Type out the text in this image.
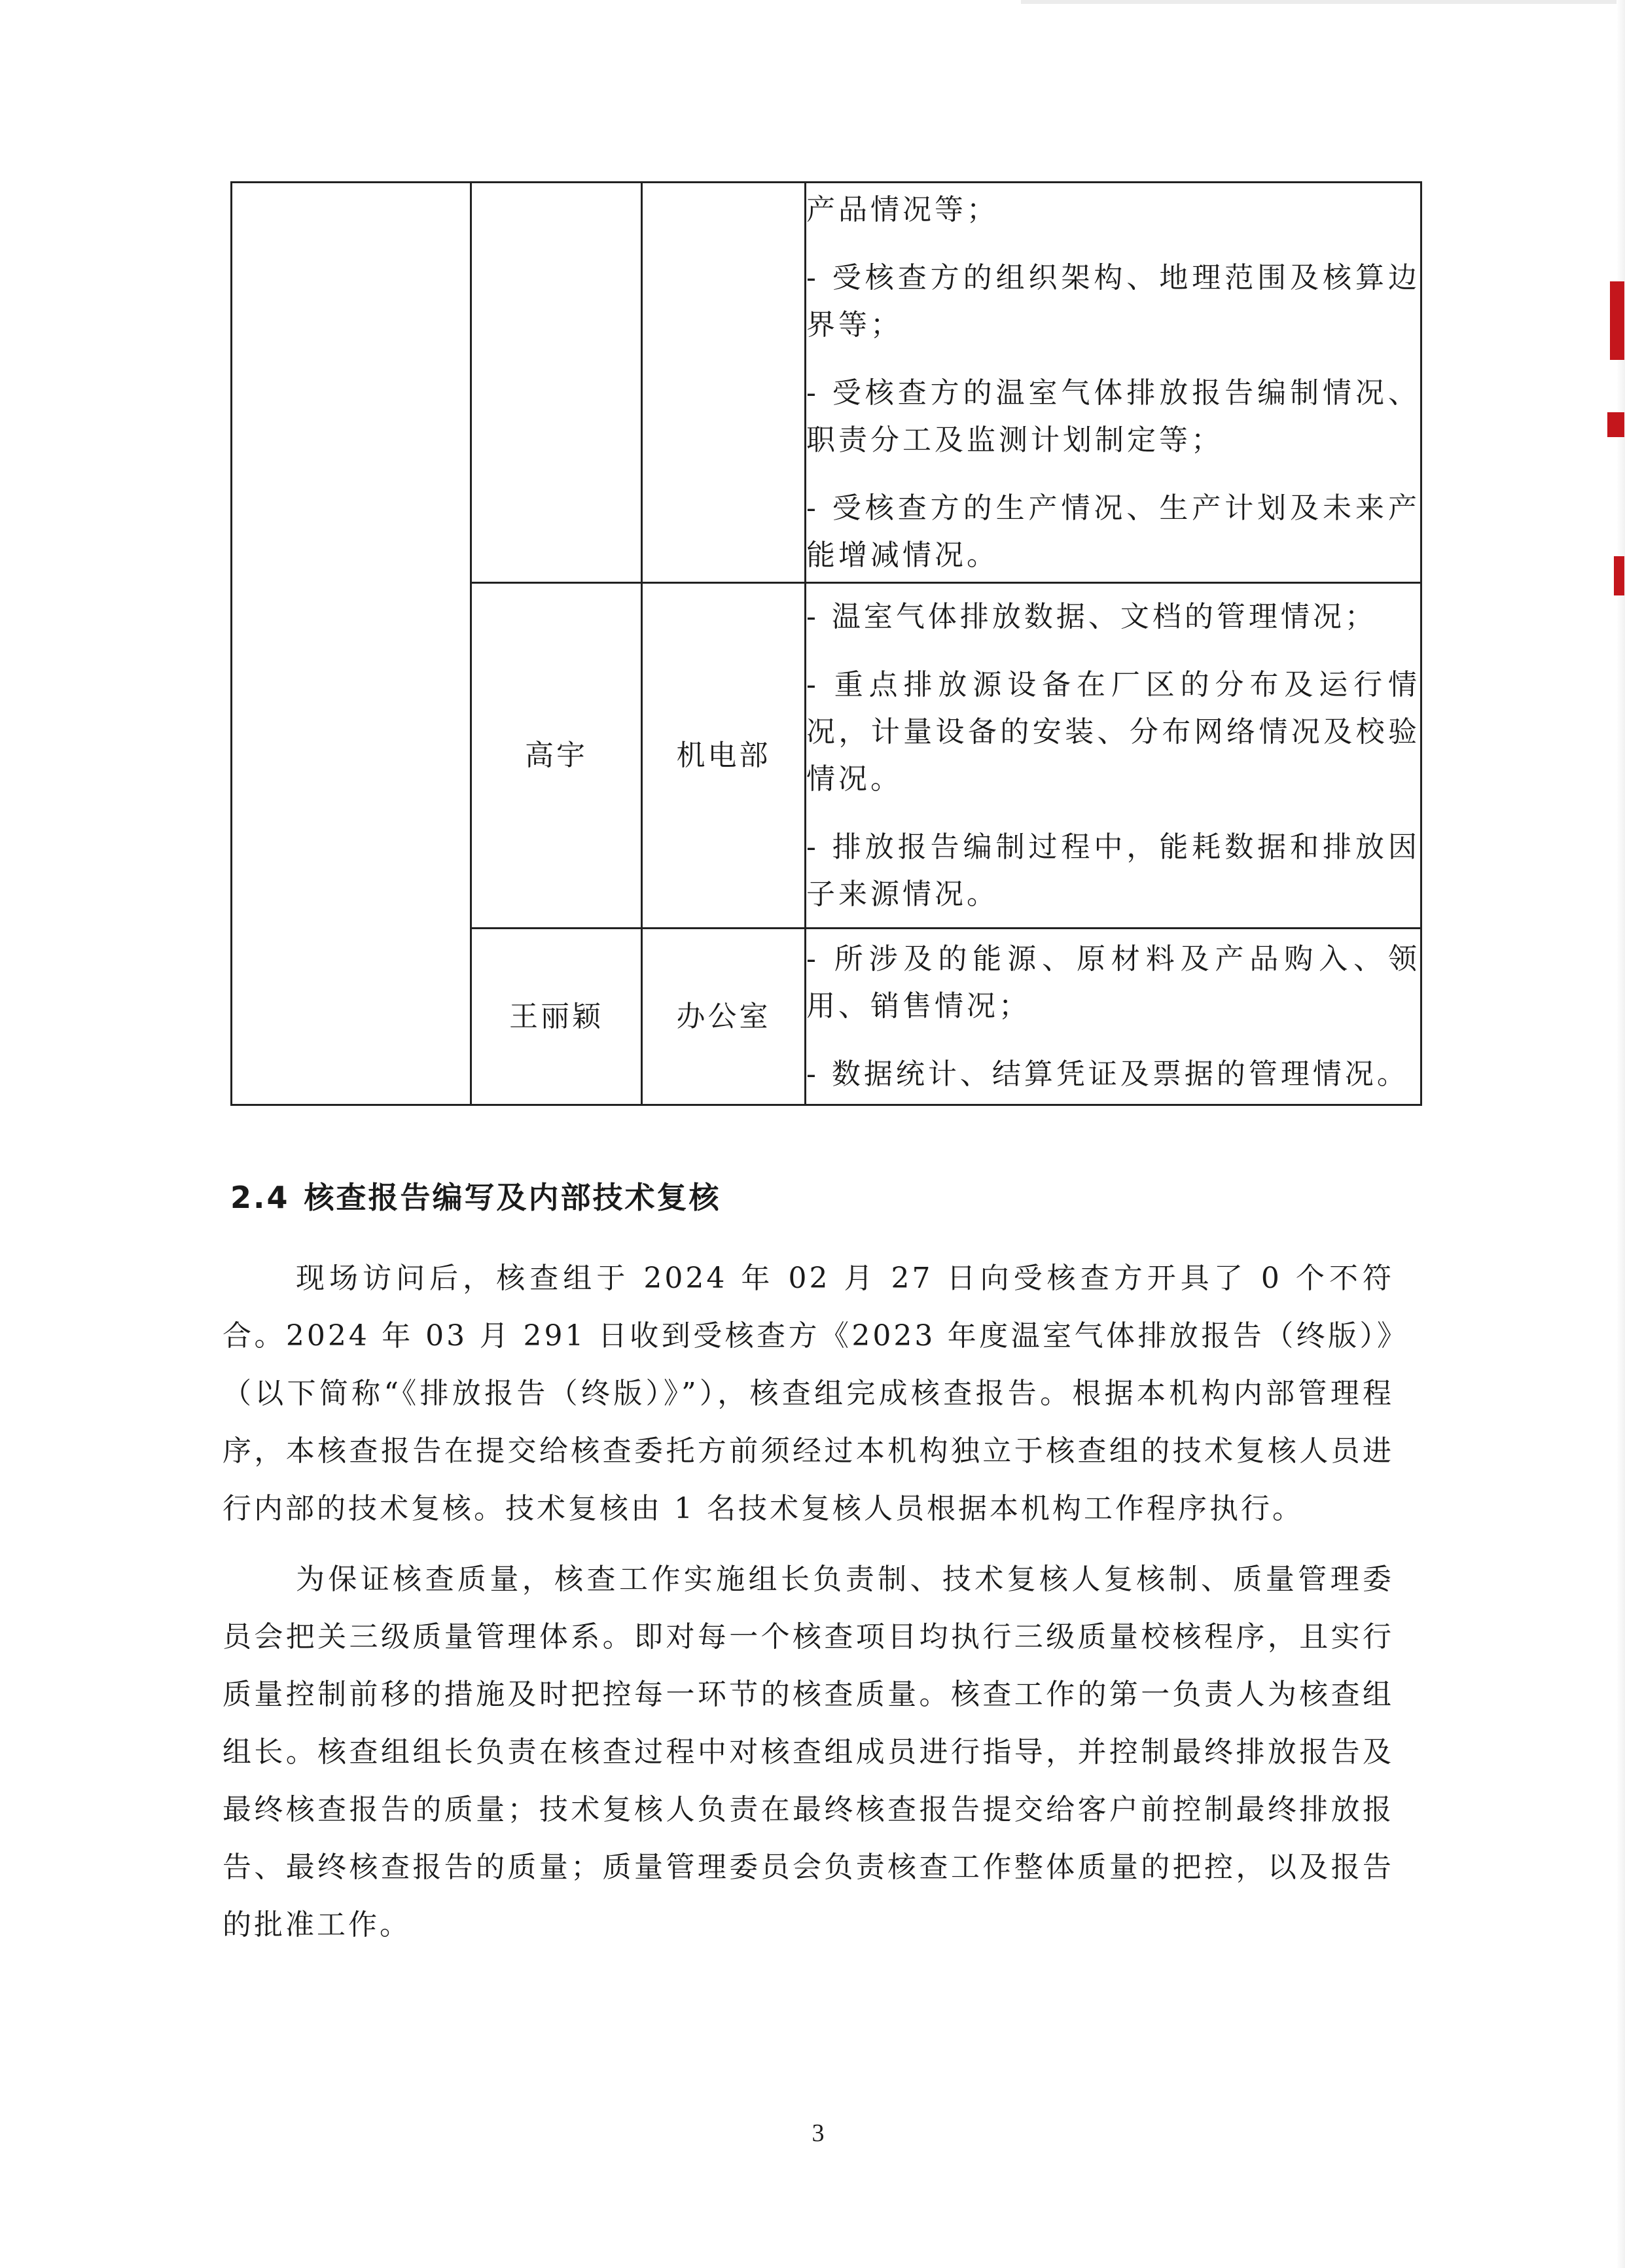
			产品情况等；
- 受核查方的组织架构、地理范围及核算边界等；
- 受核查方的温室气体排放报告编制情况、职责分工及监测计划制定等；
- 受核查方的生产情况、生产计划及未来产能增减情况。

	高宇	机电部	- 温室气体排放数据、文档的管理情况；
- 重点排放源设备在厂区的分布及运行情况，计量设备的安装、分布网络情况及校验情况。
- 排放报告编制过程中，能耗数据和排放因子来源情况。

	王丽颖	办公室	- 所涉及的能源、原材料及产品购入、领用、销售情况；
- 数据统计、结算凭证及票据的管理情况。
2.4 核查报告编写及内部技术复核
现场访问后，核查组于 2024 年 02 月 27 日向受核查方开具了 0 个不符合。2024 年 03 月 291 日收到受核查方《2023 年度温室气体排放报告（终版）》（以下简称“《排放报告（终版）》”），核查组完成核查报告。根据本机构内部管理程序，本核查报告在提交给核查委托方前须经过本机构独立于核查组的技术复核人员进行内部的技术复核。技术复核由 1 名技术复核人员根据本机构工作程序执行。
为保证核查质量，核查工作实施组长负责制、技术复核人复核制、质量管理委员会把关三级质量管理体系。即对每一个核查项目均执行三级质量校核程序，且实行质量控制前移的措施及时把控每一环节的核查质量。核查工作的第一负责人为核查组组长。核查组组长负责在核查过程中对核查组成员进行指导，并控制最终排放报告及最终核查报告的质量；技术复核人负责在最终核查报告提交给客户前控制最终排放报告、最终核查报告的质量；质量管理委员会负责核查工作整体质量的把控，以及报告的批准工作。
3
